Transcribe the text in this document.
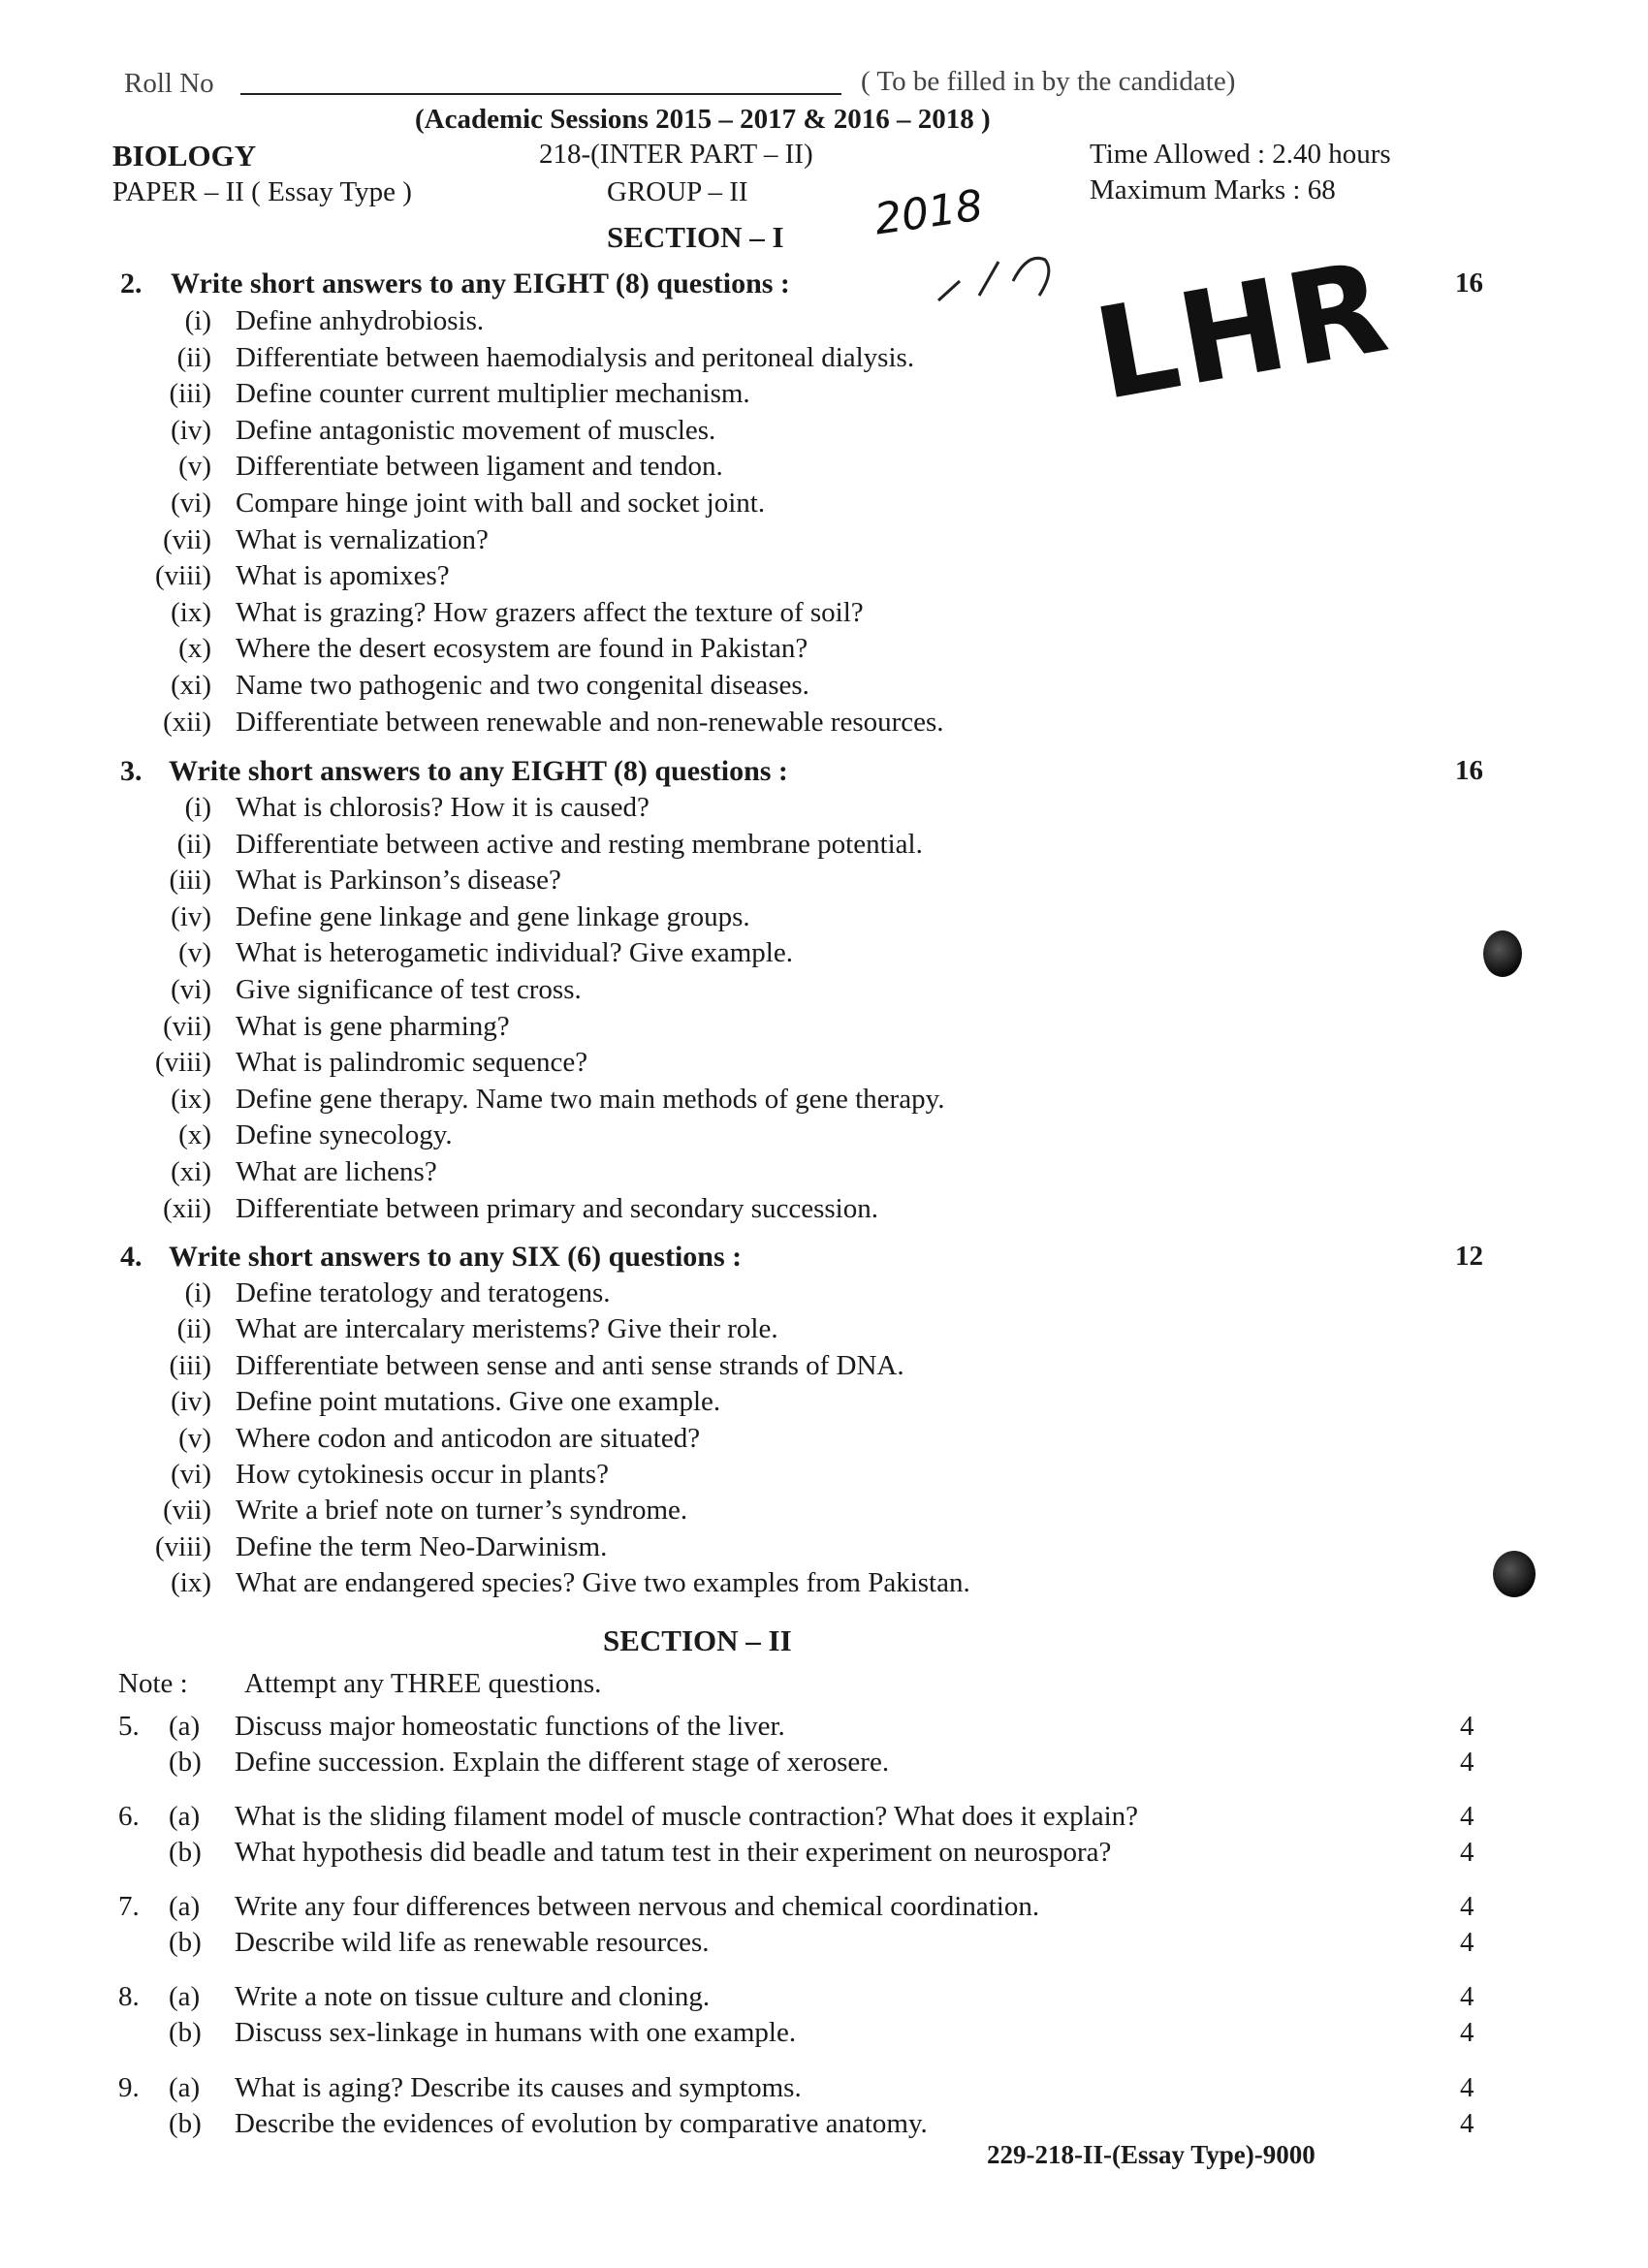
Roll No	( To be filled in by the candidate)
(Academic Sessions 2015 – 2017 & 2016 – 2018 )
BIOLOGY
PAPER – II ( Essay Type )
218-(INTER PART – II)
GROUP – II
Time Allowed : 2.40 hours
Maximum Marks : 68
SECTION – I 2018
LHR
2. Write short answers to any EIGHT (8) questions :	16
(i) Define anhydrobiosis.
(ii) Differentiate between haemodialysis and peritoneal dialysis.
(iii) Define counter current multiplier mechanism.
(iv) Define antagonistic movement of muscles.
(v) Differentiate between ligament and tendon.
(vi) Compare hinge joint with ball and socket joint.
(vii) What is vernalization?
(viii) What is apomixes?
(ix) What is grazing? How grazers affect the texture of soil?
(x) Where the desert ecosystem are found in Pakistan?
(xi) Name two pathogenic and two congenital diseases.
(xii) Differentiate between renewable and non-renewable resources.
3. Write short answers to any EIGHT (8) questions :	16
(i) What is chlorosis? How it is caused?
(ii) Differentiate between active and resting membrane potential.
(iii) What is Parkinson’s disease?
(iv) Define gene linkage and gene linkage groups.
(v) What is heterogametic individual? Give example.
(vi) Give significance of test cross.
(vii) What is gene pharming?
(viii) What is palindromic sequence?
(ix) Define gene therapy. Name two main methods of gene therapy.
(x) Define synecology.
(xi) What are lichens?
(xii) Differentiate between primary and secondary succession.
4. Write short answers to any SIX (6) questions :	12
(i) Define teratology and teratogens.
(ii) What are intercalary meristems? Give their role.
(iii) Differentiate between sense and anti sense strands of DNA.
(iv) Define point mutations. Give one example.
(v) Where codon and anticodon are situated?
(vi) How cytokinesis occur in plants?
(vii) Write a brief note on turner’s syndrome.
(viii) Define the term Neo-Darwinism.
(ix) What are endangered species? Give two examples from Pakistan.
SECTION – II
Note : Attempt any THREE questions.
5. (a) Discuss major homeostatic functions of the liver.	4
(b) Define succession. Explain the different stage of xerosere.	4
6. (a) What is the sliding filament model of muscle contraction? What does it explain?	4
(b) What hypothesis did beadle and tatum test in their experiment on neurospora?	4
7. (a) Write any four differences between nervous and chemical coordination.	4
(b) Describe wild life as renewable resources.	4
8. (a) Write a note on tissue culture and cloning.	4
(b) Discuss sex-linkage in humans with one example.	4
9. (a) What is aging? Describe its causes and symptoms.	4
(b) Describe the evidences of evolution by comparative anatomy.	4
229-218-II-(Essay Type)-9000
